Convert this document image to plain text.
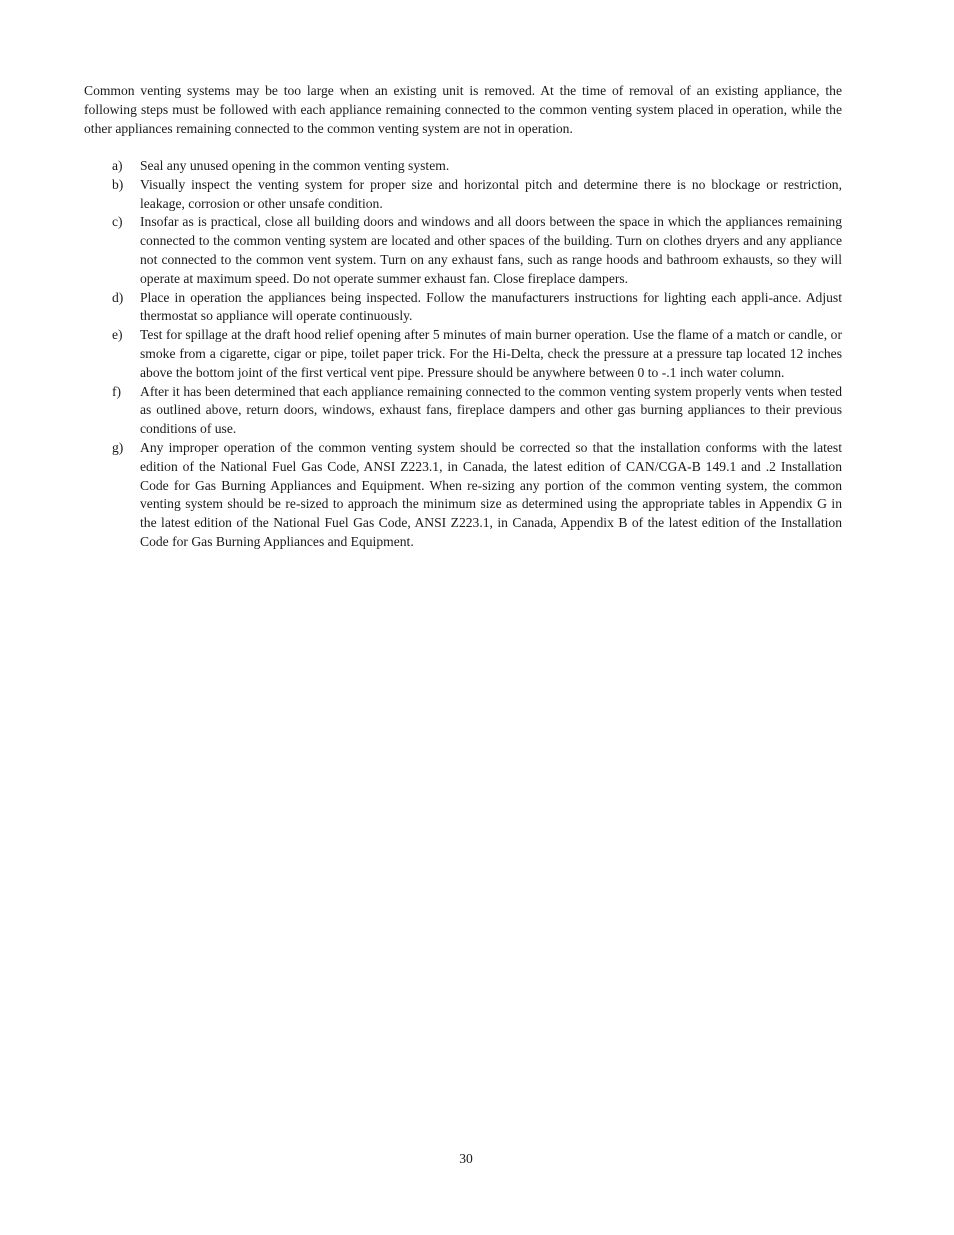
Common venting systems may be too large when an existing unit is removed. At the time of removal of an existing appliance, the following steps must be followed with each appliance remaining connected to the common venting system placed in operation, while the other appliances remaining connected to the common venting system are not in operation.

a) Seal any unused opening in the common venting system.
b) Visually inspect the venting system for proper size and horizontal pitch and determine there is no blockage or restriction, leakage, corrosion or other unsafe condition.
c) Insofar as is practical, close all building doors and windows and all doors between the space in which the appliances remaining connected to the common venting system are located and other spaces of the building. Turn on clothes dryers and any appliance not connected to the common vent system. Turn on any exhaust fans, such as range hoods and bathroom exhausts, so they will operate at maximum speed. Do not operate summer exhaust fan. Close fireplace dampers.
d) Place in operation the appliances being inspected. Follow the manufacturers instructions for lighting each appli-ance. Adjust thermostat so appliance will operate continuously.
e) Test for spillage at the draft hood relief opening after 5 minutes of main burner operation. Use the flame of a match or candle, or smoke from a cigarette, cigar or pipe, toilet paper trick. For the Hi-Delta, check the pressure at a pressure tap located 12 inches above the bottom joint of the first vertical vent pipe. Pressure should be anywhere between 0 to -.1 inch water column.
f) After it has been determined that each appliance remaining connected to the common venting system properly vents when tested as outlined above, return doors, windows, exhaust fans, fireplace dampers and other gas burning appliances to their previous conditions of use.
g) Any improper operation of the common venting system should be corrected so that the installation conforms with the latest edition of the National Fuel Gas Code, ANSI Z223.1, in Canada, the latest edition of CAN/CGA-B 149.1 and .2 Installation Code for Gas Burning Appliances and Equipment. When re-sizing any portion of the common venting system, the common venting system should be re-sized to approach the minimum size as determined using the appropriate tables in Appendix G in the latest edition of the National Fuel Gas Code, ANSI Z223.1, in Canada, Appendix B of the latest edition of the Installation Code for Gas Burning Appliances and Equipment.
30
